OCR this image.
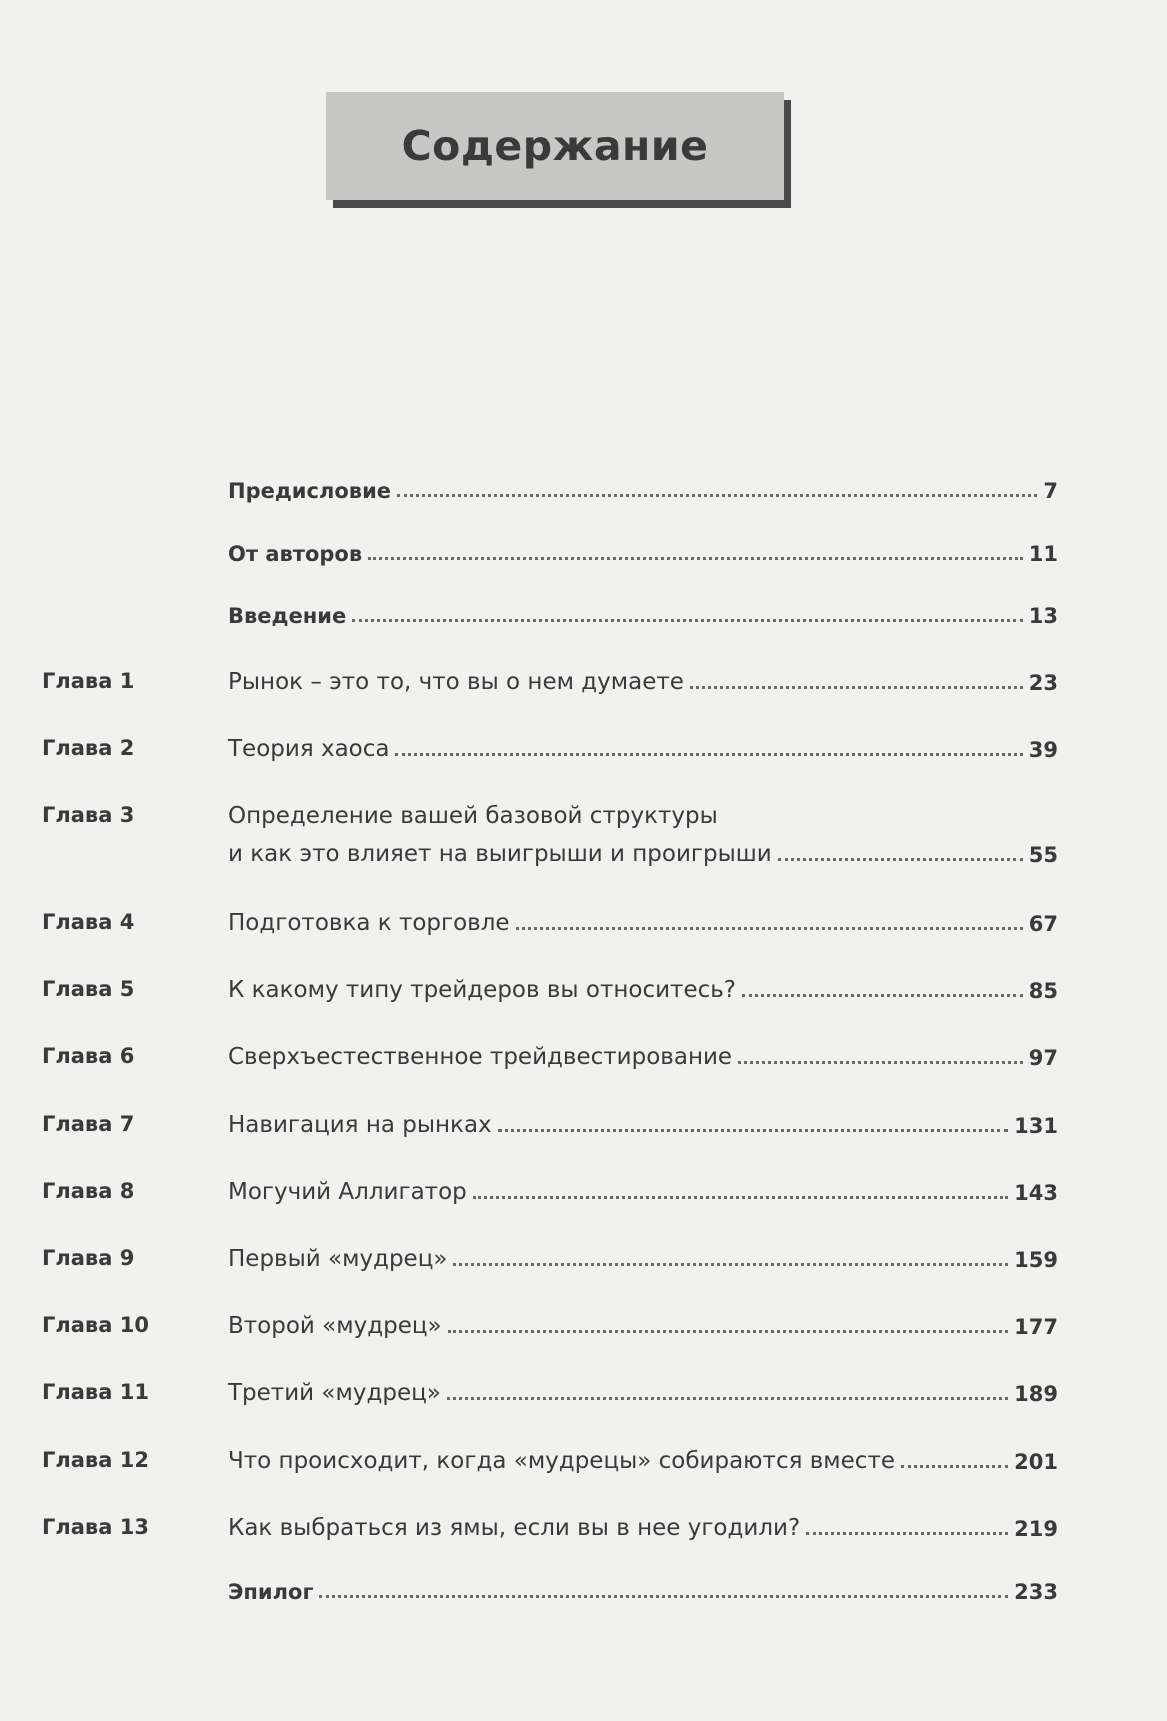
Содержание
Предисловие	7
От авторов	11
Введение	13
Глава 1	Рынок – это то, что вы о нем думаете	23
Глава 2	Теория хаоса	39
Глава 3	Определение вашей базовой структуры
и как это влияет на выигрыши и проигрыши	55
Глава 4	Подготовка к торговле	67
Глава 5	К какому типу трейдеров вы относитесь?	85
Глава 6	Сверхъестественное трейдвестирование	97
Глава 7	Навигация на рынках	131
Глава 8	Могучий Аллигатор	143
Глава 9	Первый «мудрец»	159
Глава 10	Второй «мудрец»	177
Глава 11	Третий «мудрец»	189
Глава 12	Что происходит, когда «мудрецы» собираются вместе	201
Глава 13	Как выбраться из ямы, если вы в нее угодили?	219
Эпилог	233
